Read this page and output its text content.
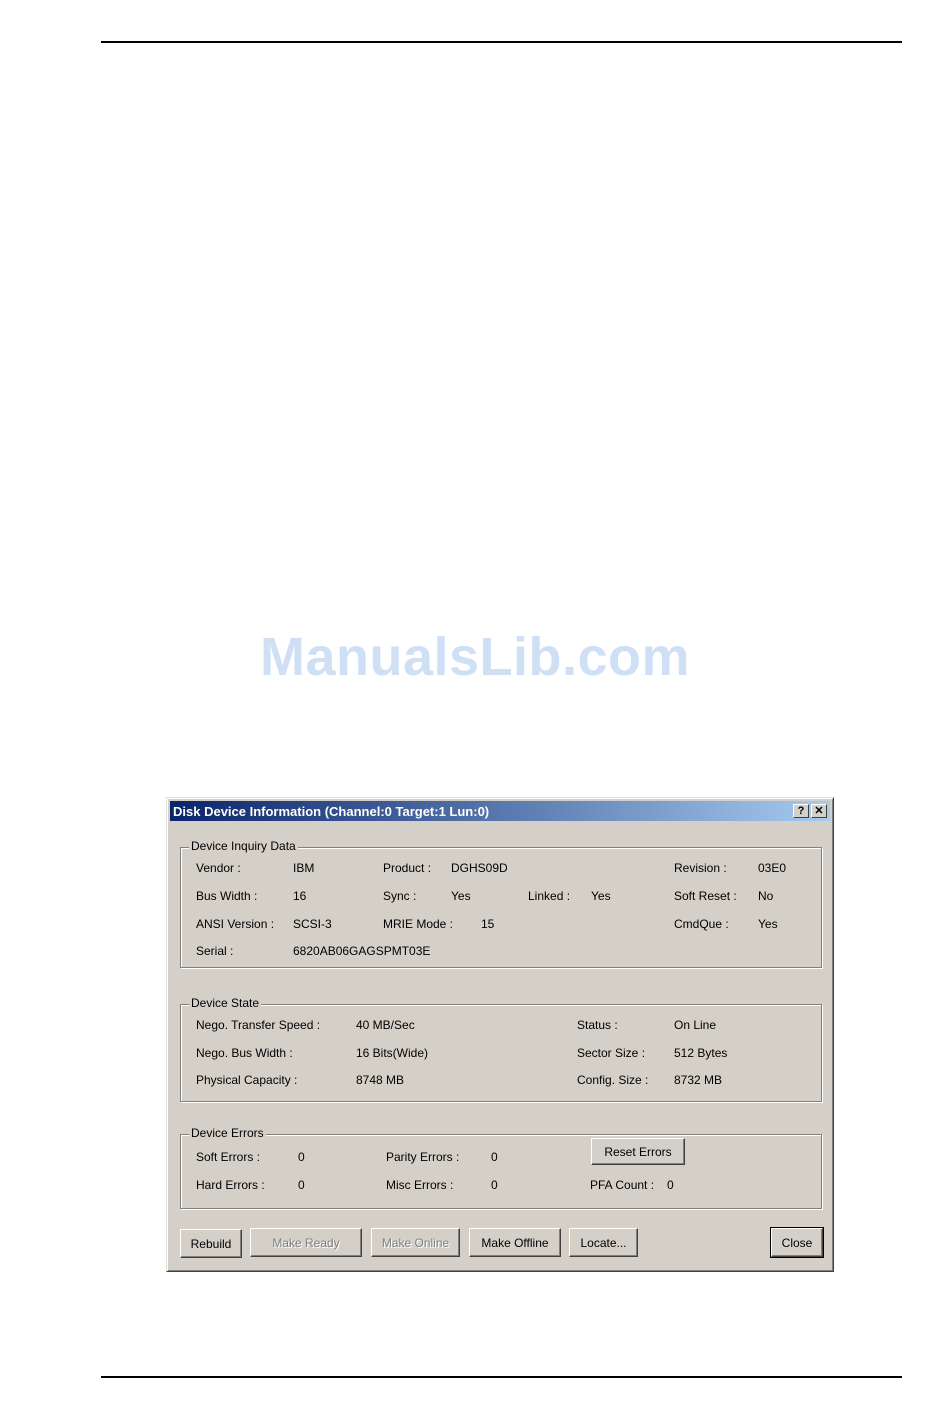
ManualsLib.com
Disk Device Information (Channel:0 Target:1 Lun:0)	? ✕
Device Inquiry Data
Vendor :	IBM	Product : DGHS09D	Revision :	03E0
Bus Width :	16	Sync :	Yes	Linked : Yes	Soft Reset : No
ANSI Version : SCSI-3	MRIE Mode : 15	CmdQue : Yes
Serial :	6820AB06GAGSPMT03E
Device State
Nego. Transfer Speed :	40 MB/Sec	Status :	On Line
Nego. Bus Width :	16 Bits(Wide)	Sector Size : 512 Bytes
Physical Capacity :	8748 MB	Config. Size : 8732 MB
Device Errors
Soft Errors :	0	Parity Errors :	0	Reset Errors
Hard Errors :	0	Misc Errors :	0	PFA Count : 0
Rebuild	Make Ready	Make Online	Make Offline	Locate...	Close
